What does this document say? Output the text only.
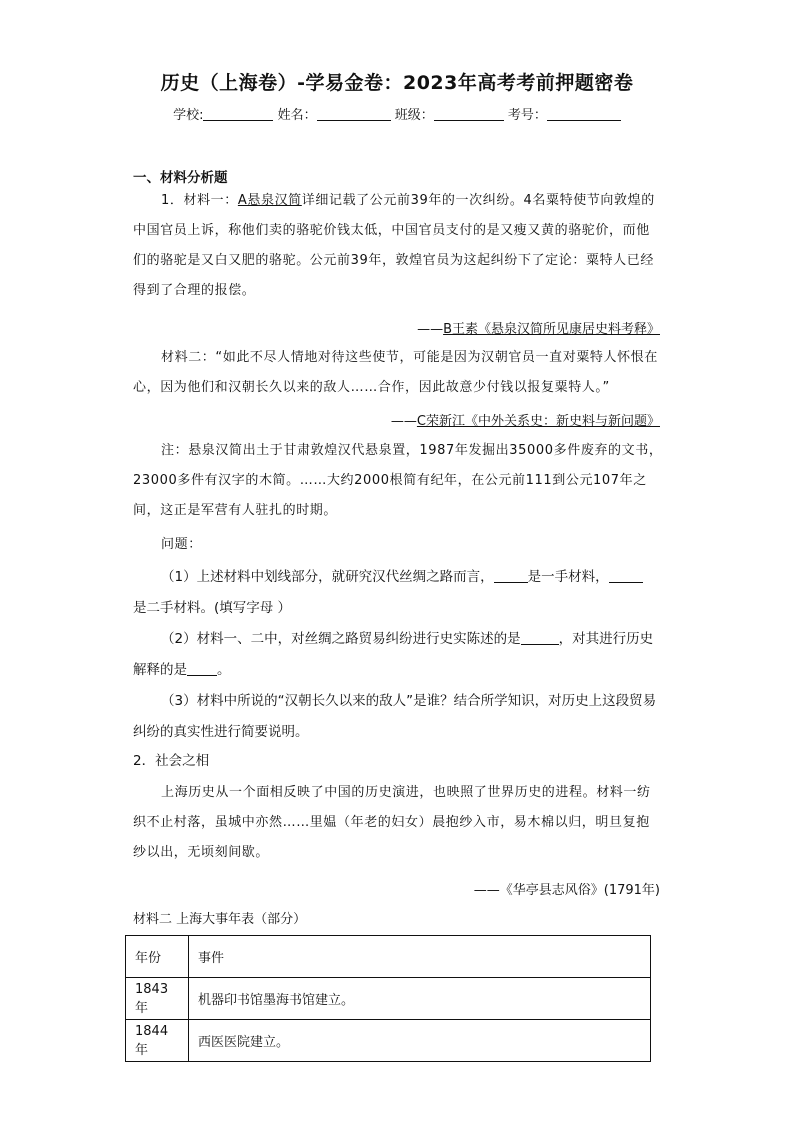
历史（上海卷）-学易金卷：2023年高考考前押题密卷
学校:	姓名：	班级：	考号：
一、材料分析题
1．材料一：A悬泉汉简详细记载了公元前39年的一次纠纷。4名粟特使节向敦煌的中国官员上诉，称他们卖的骆驼价钱太低，中国官员支付的是又瘦又黄的骆驼价，而他们的骆驼是又白又肥的骆驼。公元前39年，敦煌官员为这起纠纷下了定论：粟特人已经得到了合理的报偿。
——B王素《悬泉汉简所见康居史料考释》
材料二：“如此不尽人情地对待这些使节，可能是因为汉朝官员一直对粟特人怀恨在心，因为他们和汉朝长久以来的敌人……合作，因此故意少付钱以报复粟特人。”
——C荣新江《中外关系史：新史料与新问题》
注：悬泉汉简出土于甘肃敦煌汉代悬泉置，1987年发掘出35000多件废弃的文书，23000多件有汉字的木简。……大约2000根简有纪年，在公元前111到公元107年之间，这正是军营有人驻扎的时期。
问题：
（1）上述材料中划线部分，就研究汉代丝绸之路而言，	是一手材料，
是二手材料。(填写字母 ）
（2）材料一、二中，对丝绸之路贸易纠纷进行史实陈述的是	，对其进行历史解释的是 。
（3）材料中所说的“汉朝长久以来的敌人”是谁？结合所学知识，对历史上这段贸易纠纷的真实性进行简要说明。
2．社会之相
上海历史从一个面相反映了中国的历史演进，也映照了世界历史的进程。材料一纺织不止村落，虽城中亦然……里媪（年老的妇女）晨抱纱入市，易木棉以归，明旦复抱纱以出，无顷刻间歇。
——《华亭县志风俗》(1791年)
材料二 上海大事年表（部分）
年份	事件
1843年	机器印书馆墨海书馆建立。
1844年	西医医院建立。
